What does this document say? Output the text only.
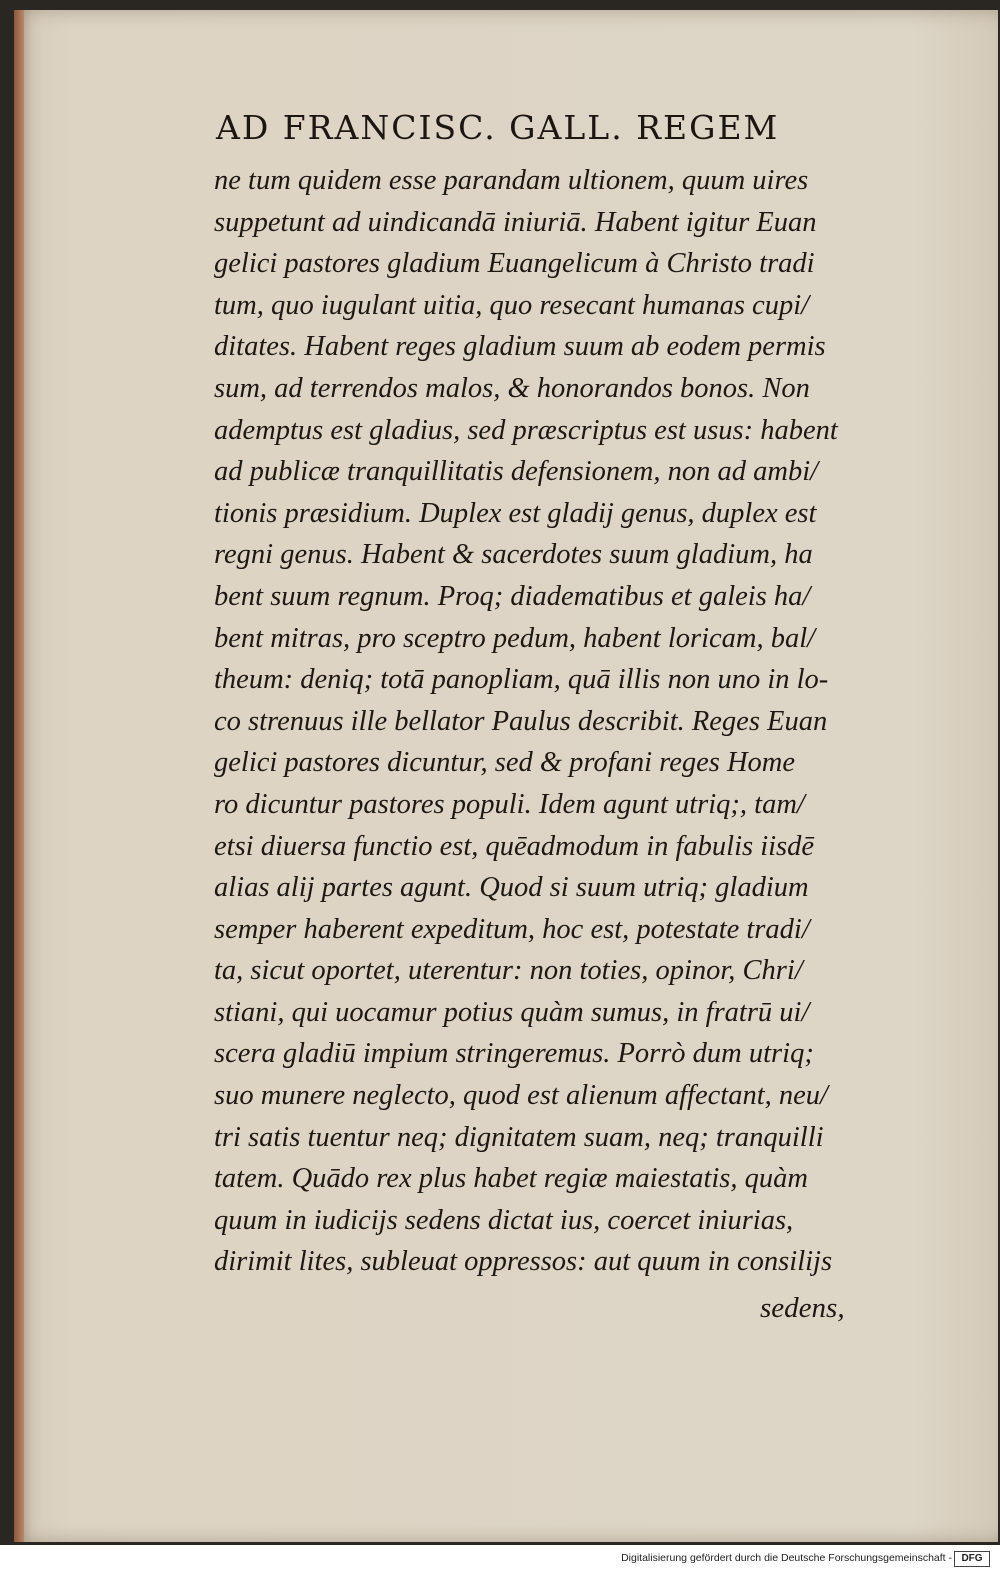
AD FRANCISC. GALL. REGEM
ne tum quidem esse parandam ultionem, quum uires
suppetunt ad uindicandā iniuriā. Habent igitur Euan
gelici pastores gladium Euangelicum à Christo tradi
tum, quo iugulant uitia, quo resecant humanas cupi/
ditates. Habent reges gladium suum ab eodem permis
sum, ad terrendos malos, & honorandos bonos. Non
ademptus est gladius, sed præscriptus est usus: habent
ad publicæ tranquillitatis defensionem, non ad ambi/
tionis præsidium. Duplex est gladij genus, duplex est
regni genus. Habent & sacerdotes suum gladium, ha
bent suum regnum. Proq; diadematibus et galeis ha/
bent mitras, pro sceptro pedum, habent loricam, bal/
theum: deniq; totā panopliam, quā illis non uno in lo-
co strenuus ille bellator Paulus describit. Reges Euan
gelici pastores dicuntur, sed & profani reges Home
ro dicuntur pastores populi. Idem agunt utriq;, tam/
etsi diuersa functio est, quēadmodum in fabulis iisdē
alias alij partes agunt. Quod si suum utriq; gladium
semper haberent expeditum, hoc est, potestate tradi/
ta, sicut oportet, uterentur: non toties, opinor, Chri/
stiani, qui uocamur potius quàm sumus, in fratrū ui/
scera gladiū impium stringeremus. Porrò dum utriq;
suo munere neglecto, quod est alienum affectant, neu/
tri satis tuentur neq; dignitatem suam, neq; tranquilli
tatem. Quādo rex plus habet regiæ maiestatis, quàm
quum in iudicijs sedens dictat ius, coercet iniurias,
dirimit lites, subleuat oppressos: aut quum in consilijs
sedens,
Digitalisierung gefördert durch die Deutsche Forschungsgemeinschaft - DFG
